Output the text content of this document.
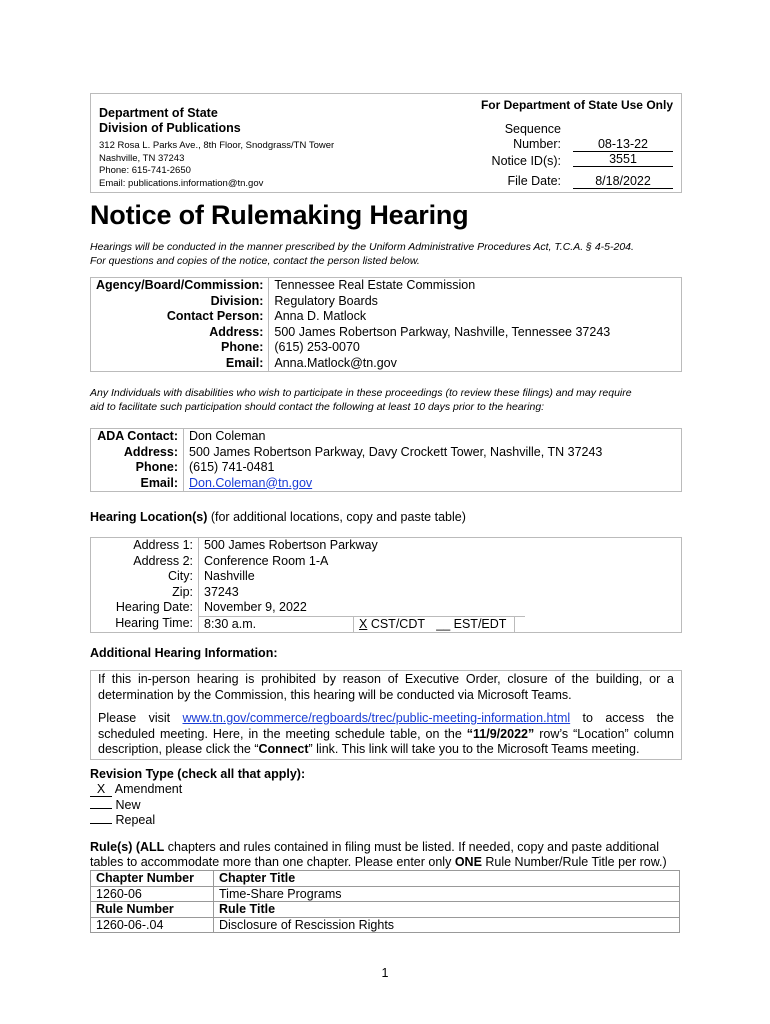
Department of State
Division of Publications
312 Rosa L. Parks Ave., 8th Floor, Snodgrass/TN Tower
Nashville, TN 37243
Phone: 615-741-2650
Email: publications.information@tn.gov
For Department of State Use Only
Sequence
Number:	08-13-22
Notice ID(s):	3551
File Date:	8/18/2022
Notice of Rulemaking Hearing
Hearings will be conducted in the manner prescribed by the Uniform Administrative Procedures Act, T.C.A. § 4-5-204.
For questions and copies of the notice, contact the person listed below.
Agency/Board/Commission:	Tennessee Real Estate Commission
Division:	Regulatory Boards
Contact Person:	Anna D. Matlock
Address:	500 James Robertson Parkway, Nashville, Tennessee 37243
Phone:	(615) 253-0070
Email:	Anna.Matlock@tn.gov
Any Individuals with disabilities who wish to participate in these proceedings (to review these filings) and may require
aid to facilitate such participation should contact the following at least 10 days prior to the hearing:
ADA Contact:	Don Coleman
Address:	500 James Robertson Parkway, Davy Crockett Tower, Nashville, TN 37243
Phone:	(615) 741-0481
Email:	Don.Coleman@tn.gov
Hearing Location(s) (for additional locations, copy and paste table)
Address 1:	500 James Robertson Parkway		
Address 2:	Conference Room 1-A		
City:	Nashville		
Zip:	37243		
Hearing Date:	November 9, 2022		
Hearing Time:	8:30 a.m.	X CST/CDT __ EST/EDT	
Additional Hearing Information:

If this in-person hearing is prohibited by reason of Executive Order, closure of the building, or a determination by the Commission, this hearing will be conducted via Microsoft Teams.

Please visit www.tn.gov/commerce/regboards/trec/public-meeting-information.html to access the scheduled meeting. Here, in the meeting schedule table, on the “11/9/2022” row’s “Location” column description, please click the “Connect” link. This link will take you to the Microsoft Teams meeting.

Revision Type (check all that apply):
X Amendment
New
Repeal
Rule(s) (ALL chapters and rules contained in filing must be listed. If needed, copy and paste additional tables to accommodate more than one chapter. Please enter only ONE Rule Number/Rule Title per row.)
Chapter Number	Chapter Title
1260-06	Time-Share Programs
Rule Number	Rule Title
1260-06-.04	Disclosure of Rescission Rights
1
